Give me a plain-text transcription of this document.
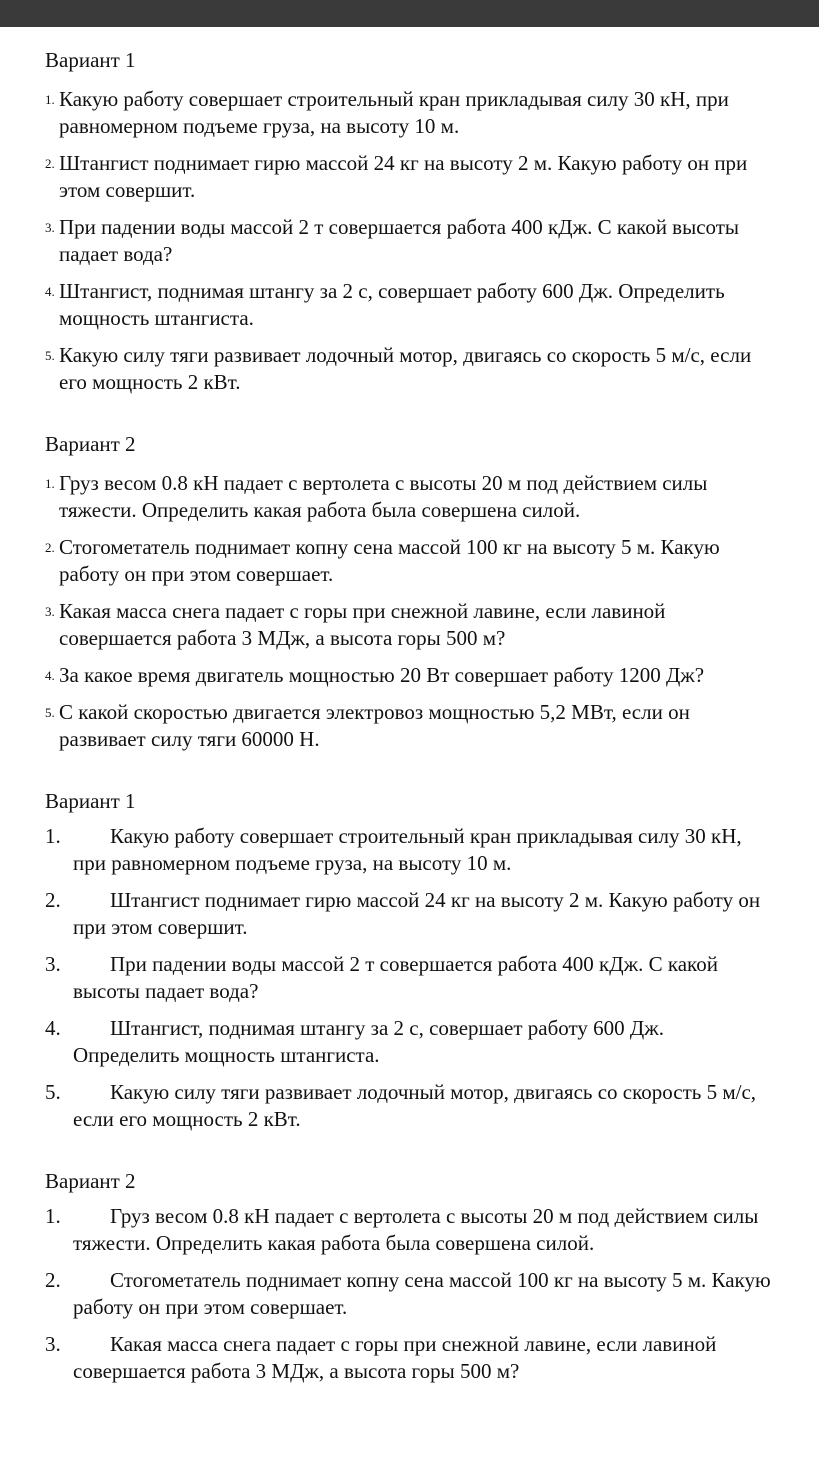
Вариант 1
1. Какую работу совершает строительный кран прикладывая силу 30 кН, при равномерном подъеме груза, на высоту 10 м.
2. Штангист поднимает гирю массой 24 кг на высоту 2 м. Какую работу он при этом совершит.
3. При падении воды массой 2 т совершается работа 400 кДж. С какой высоты падает вода?
4. Штангист, поднимая штангу за 2 с, совершает работу 600 Дж. Определить мощность штангиста.
5. Какую силу тяги развивает лодочный мотор, двигаясь со скорость 5 м/с, если его мощность 2 кВт.
Вариант 2
1. Груз весом 0.8 кН падает с вертолета с высоты 20 м под действием силы тяжести. Определить какая работа была совершена силой.
2. Стогометатель поднимает копну сена массой 100 кг на высоту 5 м. Какую работу он при этом совершает.
3. Какая масса снега падает с горы при снежной лавине, если лавиной совершается работа 3 МДж, а высота горы 500 м?
4. За какое время двигатель мощностью 20 Вт совершает работу 1200 Дж?
5. С какой скоростью двигается электровоз мощностью 5,2 МВт, если он развивает силу тяги 60000 Н.
Вариант 1
1.	Какую работу совершает строительный кран прикладывая силу 30 кН, при равномерном подъеме груза, на высоту 10 м.
2.	Штангист поднимает гирю массой 24 кг на высоту 2 м. Какую работу он при этом совершит.
3.	При падении воды массой 2 т совершается работа 400 кДж. С какой высоты падает вода?
4.	Штангист, поднимая штангу за 2 с, совершает работу 600 Дж. Определить мощность штангиста.
5.	Какую силу тяги развивает лодочный мотор, двигаясь со скорость 5 м/с, если его мощность 2 кВт.
Вариант 2
1.	Груз весом 0.8 кН падает с вертолета с высоты 20 м под действием силы тяжести. Определить какая работа была совершена силой.
2.	Стогометатель поднимает копну сена массой 100 кг на высоту 5 м. Какую работу он при этом совершает.
3.	Какая масса снега падает с горы при снежной лавине, если лавиной совершается работа 3 МДж, а высота горы 500 м?
